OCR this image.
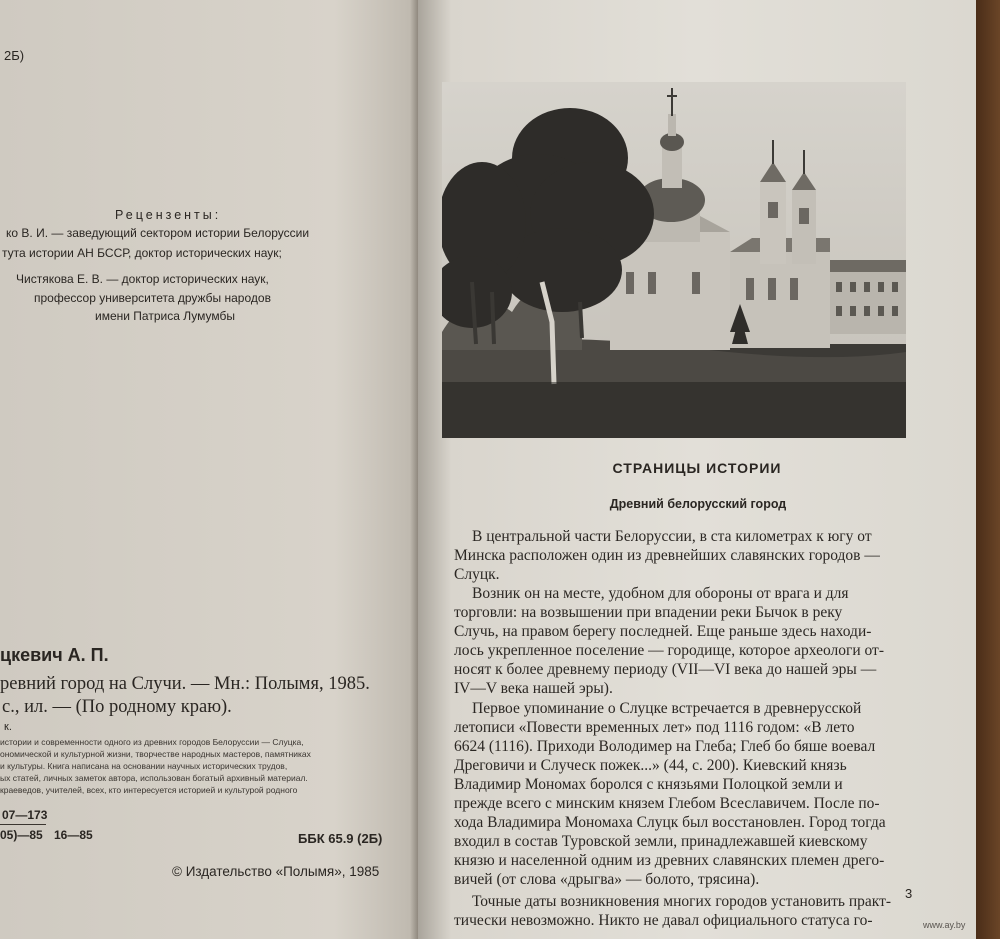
2Б)
Рецензенты:
ко В. И. — заведующий сектором истории Белоруссии
тута истории АН БССР, доктор исторических наук;
Чистякова Е. В. — доктор исторических наук,
профессор университета дружбы народов
имени Патриса Лумумбы
цкевич А. П.
ревний город на Случи. — Мн.: Полымя, 1985.
с., ил. — (По родному краю).
к.
истории и современности одного из древних городов Белоруссии — Слуцка,
ономической и культурной жизни, творчестве народных мастеров, памятниках
и культуры. Книга написана на основании научных исторических трудов,
ых статей, личных заметок автора, использован богатый архивный материал.
краеведов, учителей, всех, кто интересуется историей и культурой родного
07—173
05)—85 16—85	ББК 65.9 (2Б)
© Издательство «Полымя», 1985
СТРАНИЦЫ ИСТОРИИ
Древний белорусский город
В центральной части Белоруссии, в ста километрах к югу от
Минска расположен один из древнейших славянских городов —
Слуцк.
Возник он на месте, удобном для обороны от врага и для
торговли: на возвышении при впадении реки Бычок в реку
Случь, на правом берегу последней. Еще раньше здесь находи-
лось укрепленное поселение — городище, которое археологи от-
носят к более древнему периоду (VII—VI века до нашей эры —
IV—V века нашей эры).
Первое упоминание о Слуцке встречается в древнерусской
летописи «Повести временных лет» под 1116 годом: «В лето
6624 (1116). Приходи Володимер на Глеба; Глеб бо бяше воевал
Дреговичи и Случеск пожек...» (44, с. 200). Киевский князь
Владимир Мономах боролся с князьями Полоцкой земли и
прежде всего с минским князем Глебом Всеславичем. После по-
хода Владимира Мономаха Слуцк был восстановлен. Город тогда
входил в состав Туровской земли, принадлежавшей киевскому
князю и населенной одним из древних славянских племен дрего-
вичей (от слова «дрыгва» — болото, трясина).
Точные даты возникновения многих городов установить практ-
тически невозможно. Никто не давал официального статуса го-
3
www.ay.by
